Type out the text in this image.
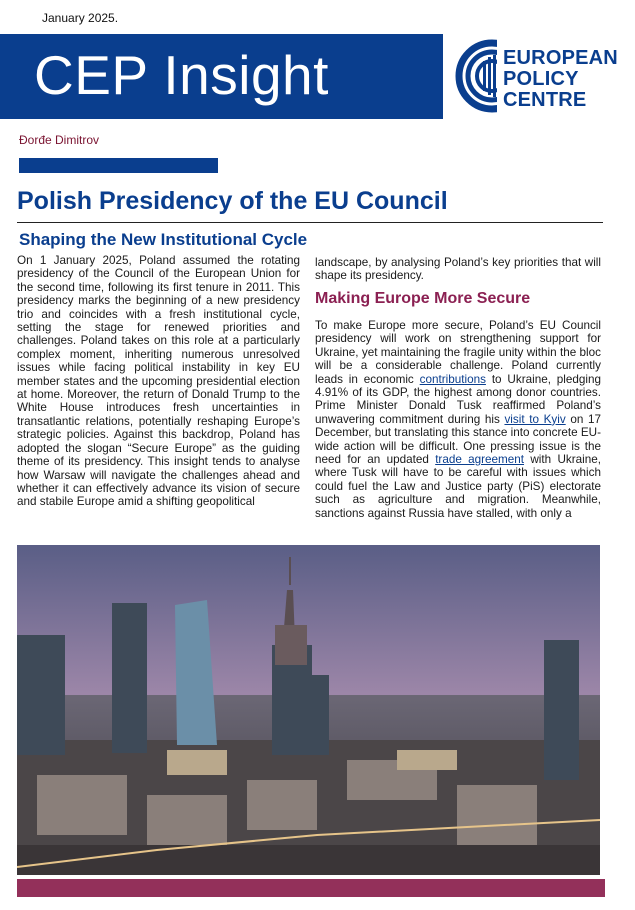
January 2025.
CEP Insight	EUROPEAN
POLICY
CENTRE
Đorđe Dimitrov
Polish Presidency of the EU Council
Shaping the New Institutional Cycle
On 1 January 2025, Poland assumed the rotating presidency of the Council of the European Union for the second time, following its first tenure in 2011. This presidency marks the beginning of a new presidency trio and coincides with a fresh institutional cycle, setting the stage for renewed priorities and challenges. Poland takes on this role at a particularly complex moment, inheriting numerous unresolved issues while facing political instability in key EU member states and the upcoming presidential election at home. Moreover, the return of Donald Trump to the White House introduces fresh uncertainties in transatlantic relations, potentially reshaping Europe’s strategic policies. Against this backdrop, Poland has adopted the slogan “Secure Europe” as the guiding theme of its presidency. This insight tends to analyse how Warsaw will navigate the challenges ahead and whether it can effectively advance its vision of secure and stabile Europe amid a shifting geopolitical
landscape, by analysing Poland’s key priorities that will shape its presidency.
Making Europe More Secure
To make Europe more secure, Poland’s EU Council presidency will work on strengthening support for Ukraine, yet maintaining the fragile unity within the bloc will be a considerable challenge. Poland currently leads in economic contributions to Ukraine, pledging 4.91% of its GDP, the highest among donor countries. Prime Minister Donald Tusk reaffirmed Poland’s unwavering commitment during his visit to Kyiv on 17 December, but translating this stance into concrete EU-wide action will be difficult. One pressing issue is the need for an updated trade agreement with Ukraine, where Tusk will have to be careful with issues which could fuel the Law and Justice party (PiS) electorate such as agriculture and migration. Meanwhile, sanctions against Russia have stalled, with only a
